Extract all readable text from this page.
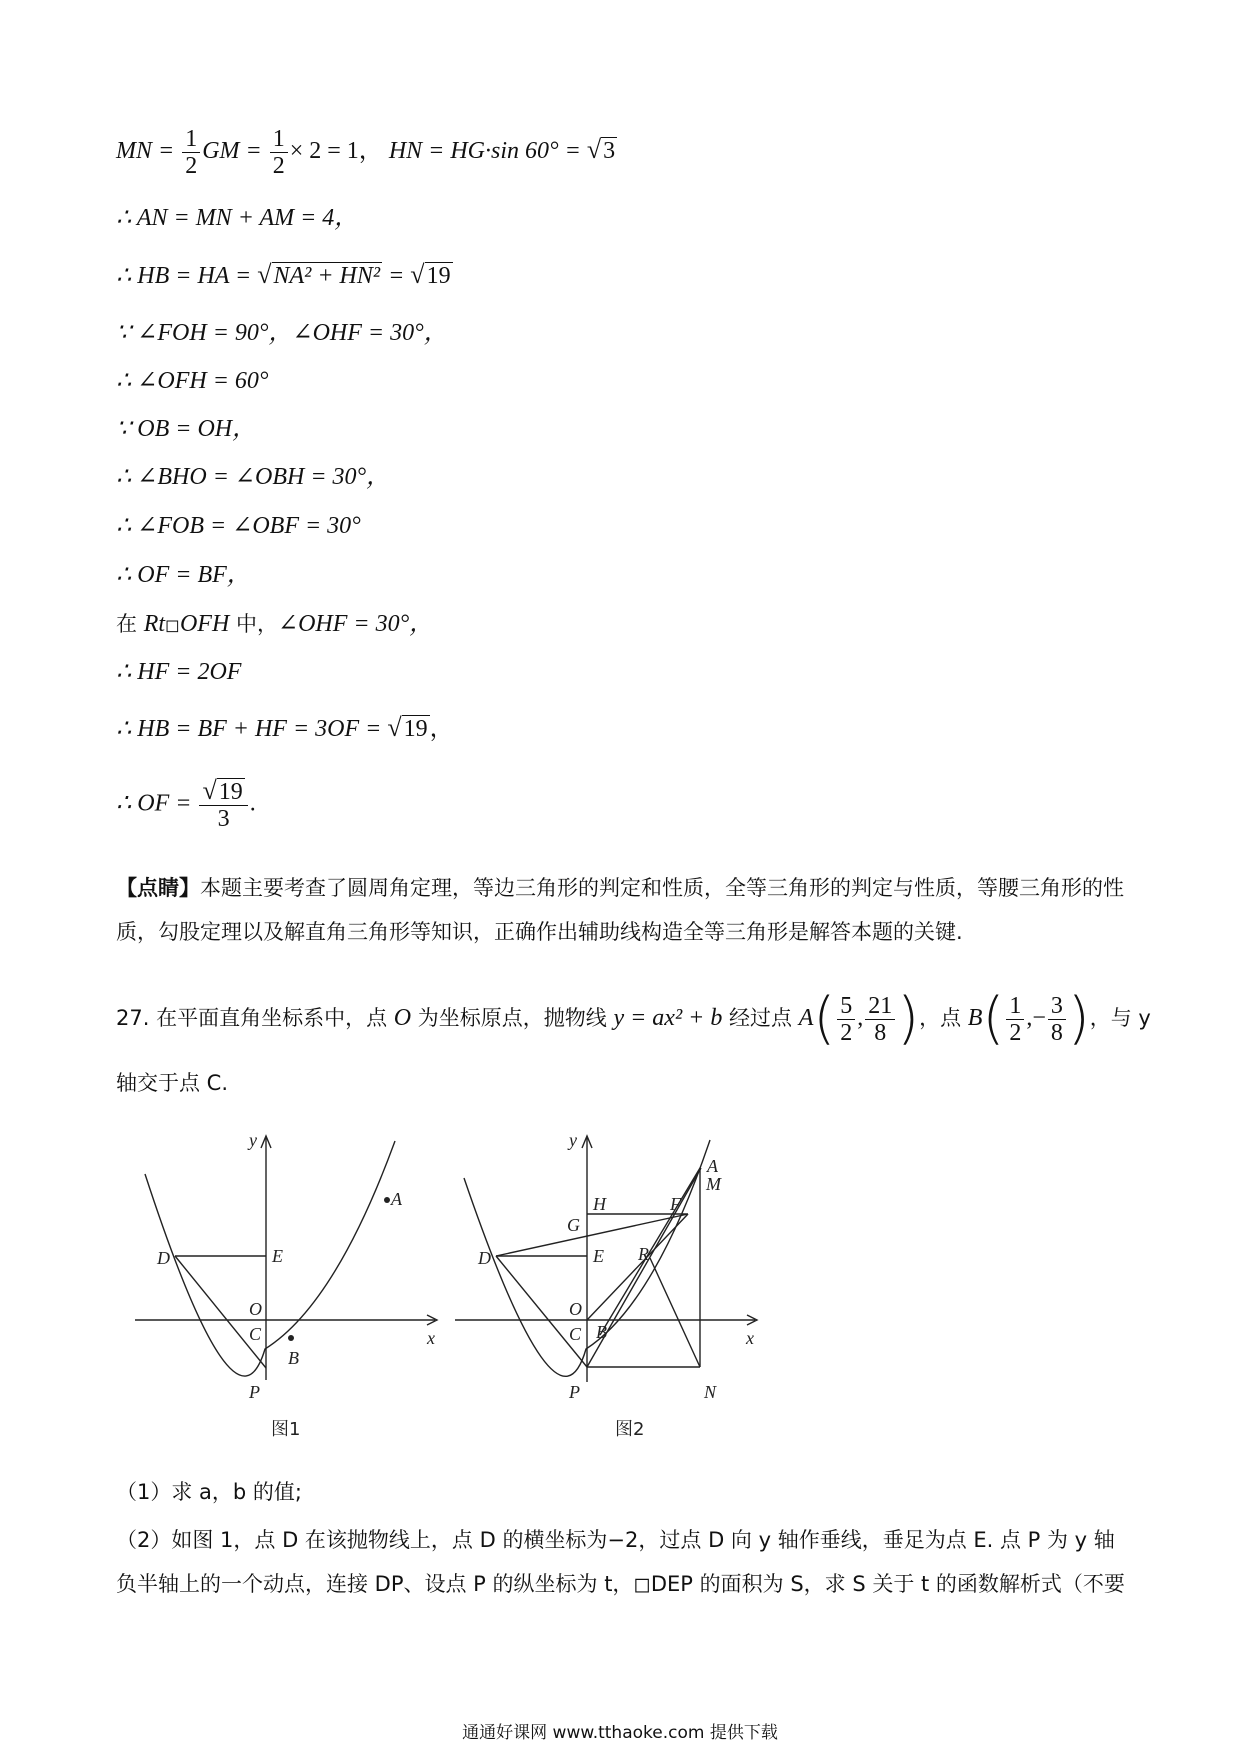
MN = $\frac{1}{2}$ GM = $\frac{1}{2} \times 2 = 1$， HN = HG·sin 60° = √3
∴ AN = MN + AM = 4，
∴ HB = HA = √NA² + HN² = √19
∵ ∠FOH = 90°，∠OHF = 30°，
∴ ∠OFH = 60°
∵ OB = OH，
∴ ∠BHO = ∠OBH = 30°，
∴ ∠FOB = ∠OBF = 30°
∴ OF = BF，
在 Rt◻OFH 中，∠OHF = 30°，
∴ HF = 2OF
∴ HB = BF + HF = 3OF = √19，
∴ OF = $\frac{√19}{3}$ .
【点睛】本题主要考查了圆周角定理，等边三角形的判定和性质，全等三角形的判定与性质，等腰三角形的性质，勾股定理以及解直角三角形等知识，正确作出辅助线构造全等三角形是解答本题的关键.
27. 在平面直角坐标系中，点 O 为坐标原点，抛物线 y = ax² + b 经过点 $A( \frac{5}{2}$ , $\frac{21}{8}$ )，点 $B( \frac{1}{2}$ ,− $\frac{3}{8}$ )，与 y
轴交于点 C.
y
x
A
D	E
O
C
B
P
图1
y
x
A
M
H	F
G
D	E R
O
C B
P	N
图2
（1）求 a，b 的值;
（2）如图 1，点 D 在该抛物线上，点 D 的横坐标为−2，过点 D 向 y 轴作垂线，垂足为点 E. 点 P 为 y 轴负半轴上的一个动点，连接 DP、设点 P 的纵坐标为 t，◻DEP 的面积为 S，求 S 关于 t 的函数解析式（不要
通通好课网 www.tthaoke.com 提供下载
